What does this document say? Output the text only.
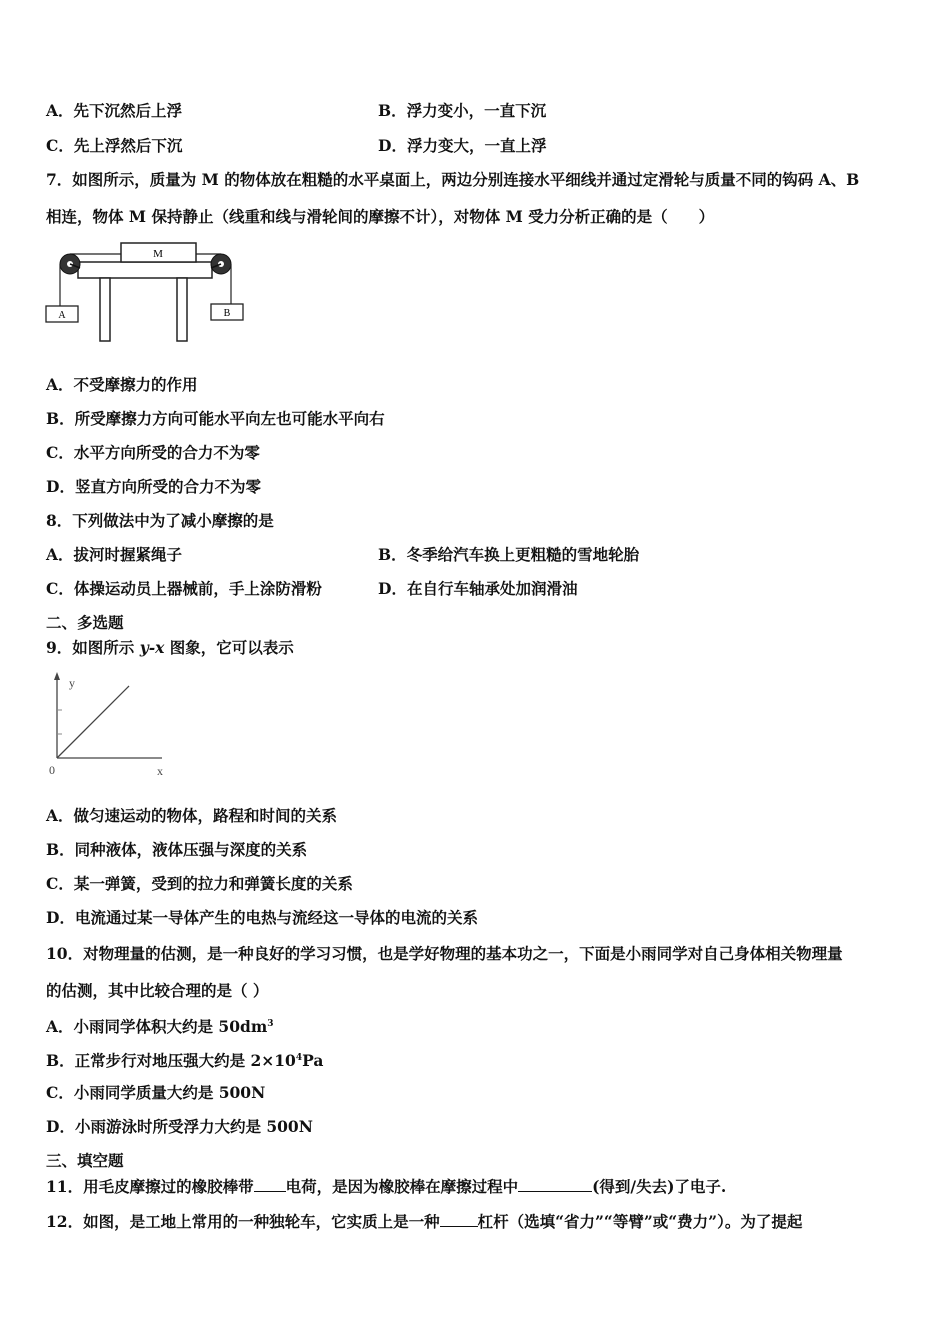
A．先下沉然后上浮	B．浮力变小，一直下沉
C．先上浮然后下沉	D．浮力变大，一直上浮
7．如图所示，质量为 M 的物体放在粗糙的水平桌面上，两边分别连接水平细线并通过定滑轮与质量不同的钩码 A、B
相连，物体 M 保持静止（线重和线与滑轮间的摩擦不计），对物体 M 受力分析正确的是（　　）
M
A	B
A．不受摩擦力的作用
B．所受摩擦力方向可能水平向左也可能水平向右
C．水平方向所受的合力不为零
D．竖直方向所受的合力不为零
8．下列做法中为了减小摩擦的是
A．拔河时握紧绳子	B．冬季给汽车换上更粗糙的雪地轮胎
C．体操运动员上器械前，手上涂防滑粉	D．在自行车轴承处加润滑油
二、多选题
9．如图所示 y-x 图象，它可以表示
y
x
0
A．做匀速运动的物体，路程和时间的关系
B．同种液体，液体压强与深度的关系
C．某一弹簧，受到的拉力和弹簧长度的关系
D．电流通过某一导体产生的电热与流经这一导体的电流的关系
10．对物理量的估测，是一种良好的学习习惯，也是学好物理的基本功之一，下面是小雨同学对自己身体相关物理量
的估测，其中比较合理的是（ ）
A．小雨同学体积大约是 $50dm^3$
B．正常步行对地压强大约是 $2\times 10^4Pa$
C．小雨同学质量大约是 500N
D．小雨游泳时所受浮力大约是 500N
三、填空题
11．用毛皮摩擦过的橡胶棒带 电荷，是因为橡胶棒在摩擦过程中	(得到/失去)了电子.
12．如图，是工地上常用的一种独轮车，它实质上是一种 杠杆（选填“省力”“等臂”或“费力”）。为了提起
